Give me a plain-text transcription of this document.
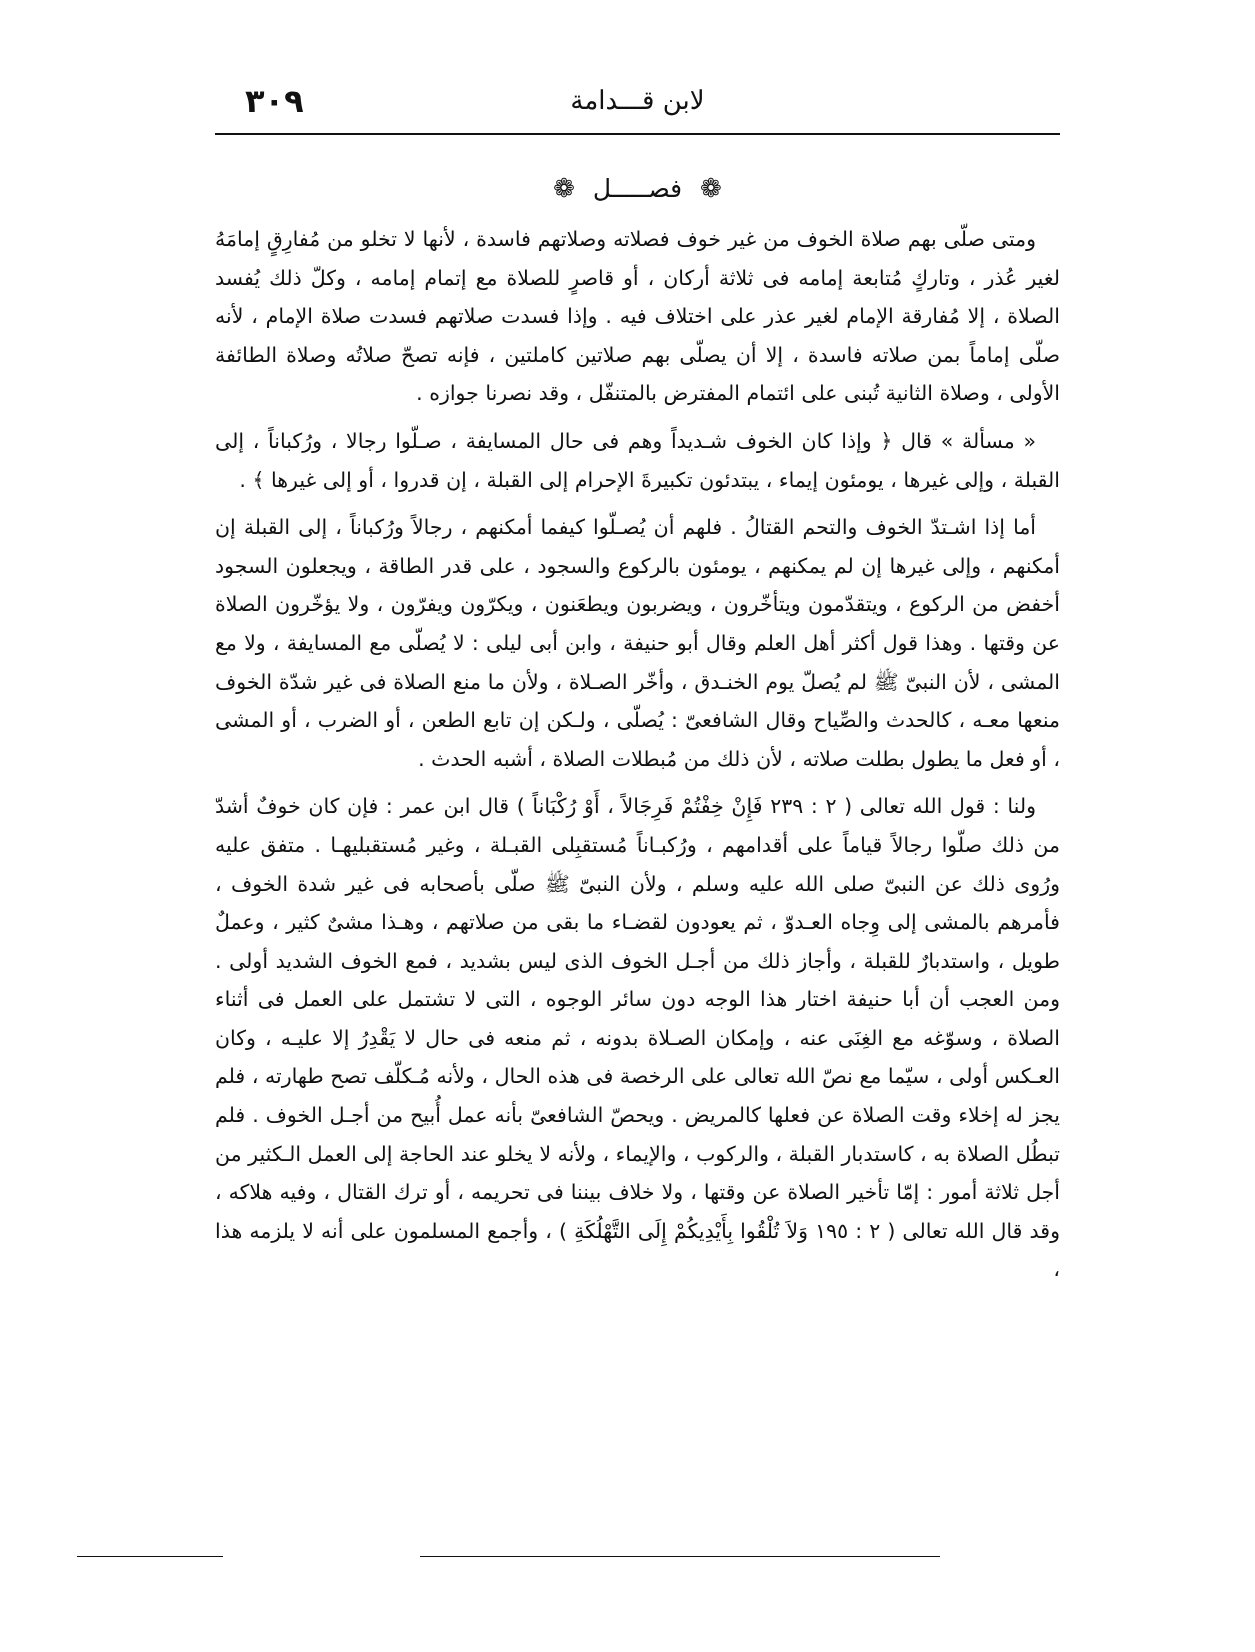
٣٠٩	لابن قـــدامة
❁ فصـــــل ❁

ومتى صلّى بهم صلاة الخوف من غير خوف فصلاته وصلاتهم فاسدة ، لأنها لا تخلو من مُفارِقٍ إمامَهُ لغير عُذر ، وتاركٍ مُتابعة إمامه فى ثلاثة أركان ، أو قاصرٍ للصلاة مع إتمام إمامه ، وكلّ ذلك يُفسد الصلاة ، إلا مُفارقة الإمام لغير عذر على اختلاف فيه . وإذا فسدت صلاتهم فسدت صلاة الإمام ، لأنه صلّى إماماً بمن صلاته فاسدة ، إلا أن يصلّى بهم صلاتين كاملتين ، فإنه تصحّ صلاتُه وصلاة الطائفة الأولى ، وصلاة الثانية تُبنى على ائتمام المفترض بالمتنفّل ، وقد نصرنا جوازه .

« مسألة » قال ﴿ وإذا كان الخوف شـديداً وهم فى حال المسايفة ، صـلّوا رجالا ، ورُكباناً ، إلى القبلة ، وإلى غيرها ، يومئون إيماء ، يبتدئون تكبيرةَ الإحرام إلى القبلة ، إن قدروا ، أو إلى غيرها ﴾ .

أما إذا اشـتدّ الخوف والتحم القتالُ . فلهم أن يُصـلّوا كيفما أمكنهم ، رجالاً ورُكباناً ، إلى القبلة إن أمكنهم ، وإلى غيرها إن لم يمكنهم ، يومئون بالركوع والسجود ، على قدر الطاقة ، ويجعلون السجود أخفض من الركوع ، ويتقدّمون ويتأخّرون ، ويضربون ويطعَنون ، ويكرّون ويفرّون ، ولا يؤخّرون الصلاة عن وقتها . وهذا قول أكثر أهل العلم وقال أبو حنيفة ، وابن أبى ليلى : لا يُصلّى مع المسايفة ، ولا مع المشى ، لأن النبىّ ﷺ لم يُصلّ يوم الخنـدق ، وأخّر الصـلاة ، ولأن ما منع الصلاة فى غير شدّة الخوف منعها معـه ، كالحدث والصِّياح وقال الشافعىّ : يُصلّى ، ولـكن إن تابع الطعن ، أو الضرب ، أو المشى ، أو فعل ما يطول بطلت صلاته ، لأن ذلك من مُبطلات الصلاة ، أشبه الحدث .

ولنا : قول الله تعالى ( ٢ : ٢٣٩ فَإِنْ خِفْتُمْ فَرِجَالاً ، أَوْ رُكْبَاناً ) قال ابن عمر : فإن كان خوفٌ أشدّ من ذلك صلّوا رجالاً قياماً على أقدامهم ، ورُكبـاناً مُستقبِلى القبـلة ، وغير مُستقبليهـا . متفق عليه ورُوى ذلك عن النبىّ صلى الله عليه وسلم ، ولأن النبىّ ﷺ صلّى بأصحابه فى غير شدة الخوف ، فأمرهم بالمشى إلى وِجاه العـدوّ ، ثم يعودون لقضـاء ما بقى من صلاتهم ، وهـذا مشىٌ كثير ، وعملٌ طويل ، واستدبارٌ للقبلة ، وأجاز ذلك من أجـل الخوف الذى ليس بشديد ، فمع الخوف الشديد أولى . ومن العجب أن أبا حنيفة اختار هذا الوجه دون سائر الوجوه ، التى لا تشتمل على العمل فى أثناء الصلاة ، وسوّغه مع الغِنَى عنه ، وإمكان الصـلاة بدونه ، ثم منعه فى حال لا يَقْدِرُ إلا عليـه ، وكان العـكس أولى ، سيّما مع نصّ الله تعالى على الرخصة فى هذه الحال ، ولأنه مُـكلّف تصح طهارته ، فلم يجز له إخلاء وقت الصلاة عن فعلها كالمريض . ويحصّ الشافعىّ بأنه عمل أُبيح من أجـل الخوف . فلم تبطُل الصلاة به ، كاستدبار القبلة ، والركوب ، والإيماء ، ولأنه لا يخلو عند الحاجة إلى العمل الـكثير من أجل ثلاثة أمور : إمّا تأخير الصلاة عن وقتها ، ولا خلاف بيننا فى تحريمه ، أو ترك القتال ، وفيه هلاكه ، وقد قال الله تعالى ( ٢ : ١٩٥ وَلاَ تُلْقُوا بِأَيْدِيكُمْ إِلَى التَّهْلُكَةِ ) ، وأجمع المسلمون على أنه لا يلزمه هذا ،
